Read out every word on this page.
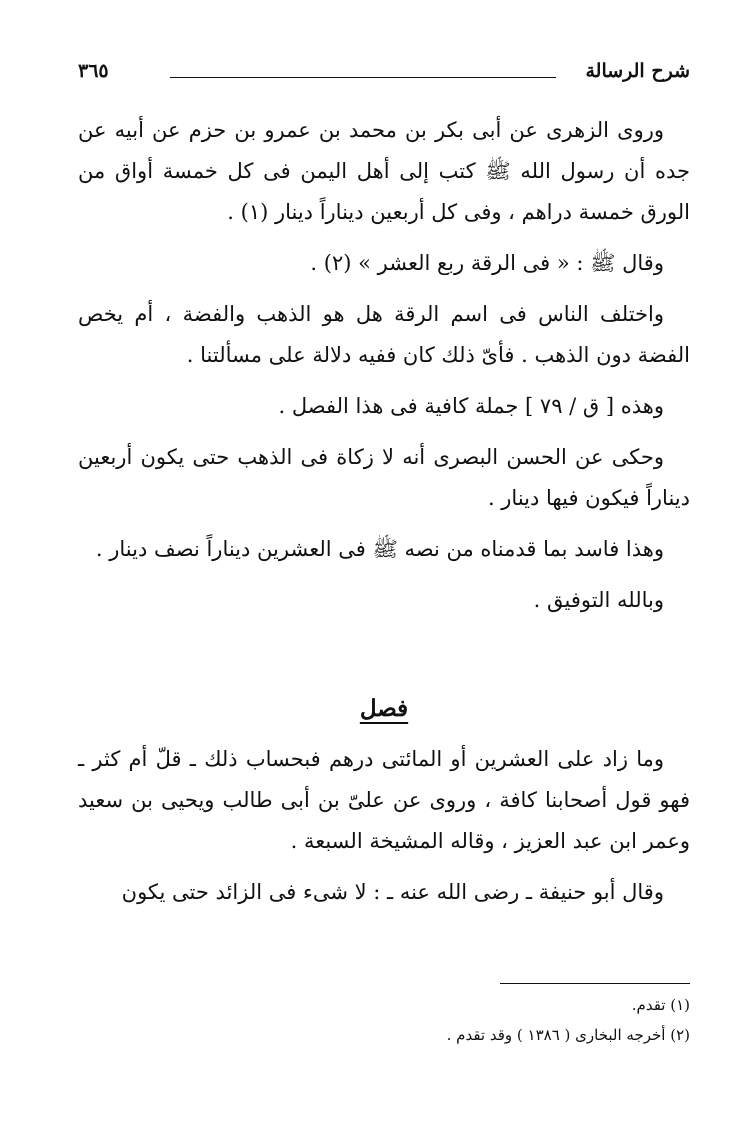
شرح الرسالة
٣٦٥

وروى الزهرى عن أبى بكر بن محمد بن عمرو بن حزم عن أبيه عن جده أن رسول الله ﷺ كتب إلى أهل اليمن فى كل خمسة أواق من الورق خمسة دراهم ، وفى كل أربعين ديناراً دينار (١) .

وقال ﷺ : « فى الرقة ربع العشر » (٢) .

واختلف الناس فى اسم الرقة هل هو الذهب والفضة ، أم يخص الفضة دون الذهب . فأىّ ذلك كان ففيه دلالة على مسألتنا .

وهذه [ ق / ٧٩ ] جملة كافية فى هذا الفصل .

وحكى عن الحسن البصرى أنه لا زكاة فى الذهب حتى يكون أربعين ديناراً فيكون فيها دينار .

وهذا فاسد بما قدمناه من نصه ﷺ فى العشرين ديناراً نصف دينار .

وبالله التوفيق .

فصل

وما زاد على العشرين أو المائتى درهم فبحساب ذلك ـ قلّ أم كثر ـ فهو قول أصحابنا كافة ، وروى عن علىّ بن أبى طالب ويحيى بن سعيد وعمر ابن عبد العزيز ، وقاله المشيخة السبعة .

وقال أبو حنيفة ـ رضى الله عنه ـ : لا شىء فى الزائد حتى يكون

(١) تقدم.
(٢) أخرجه البخارى ( ١٣٨٦ ) وقد تقدم .
